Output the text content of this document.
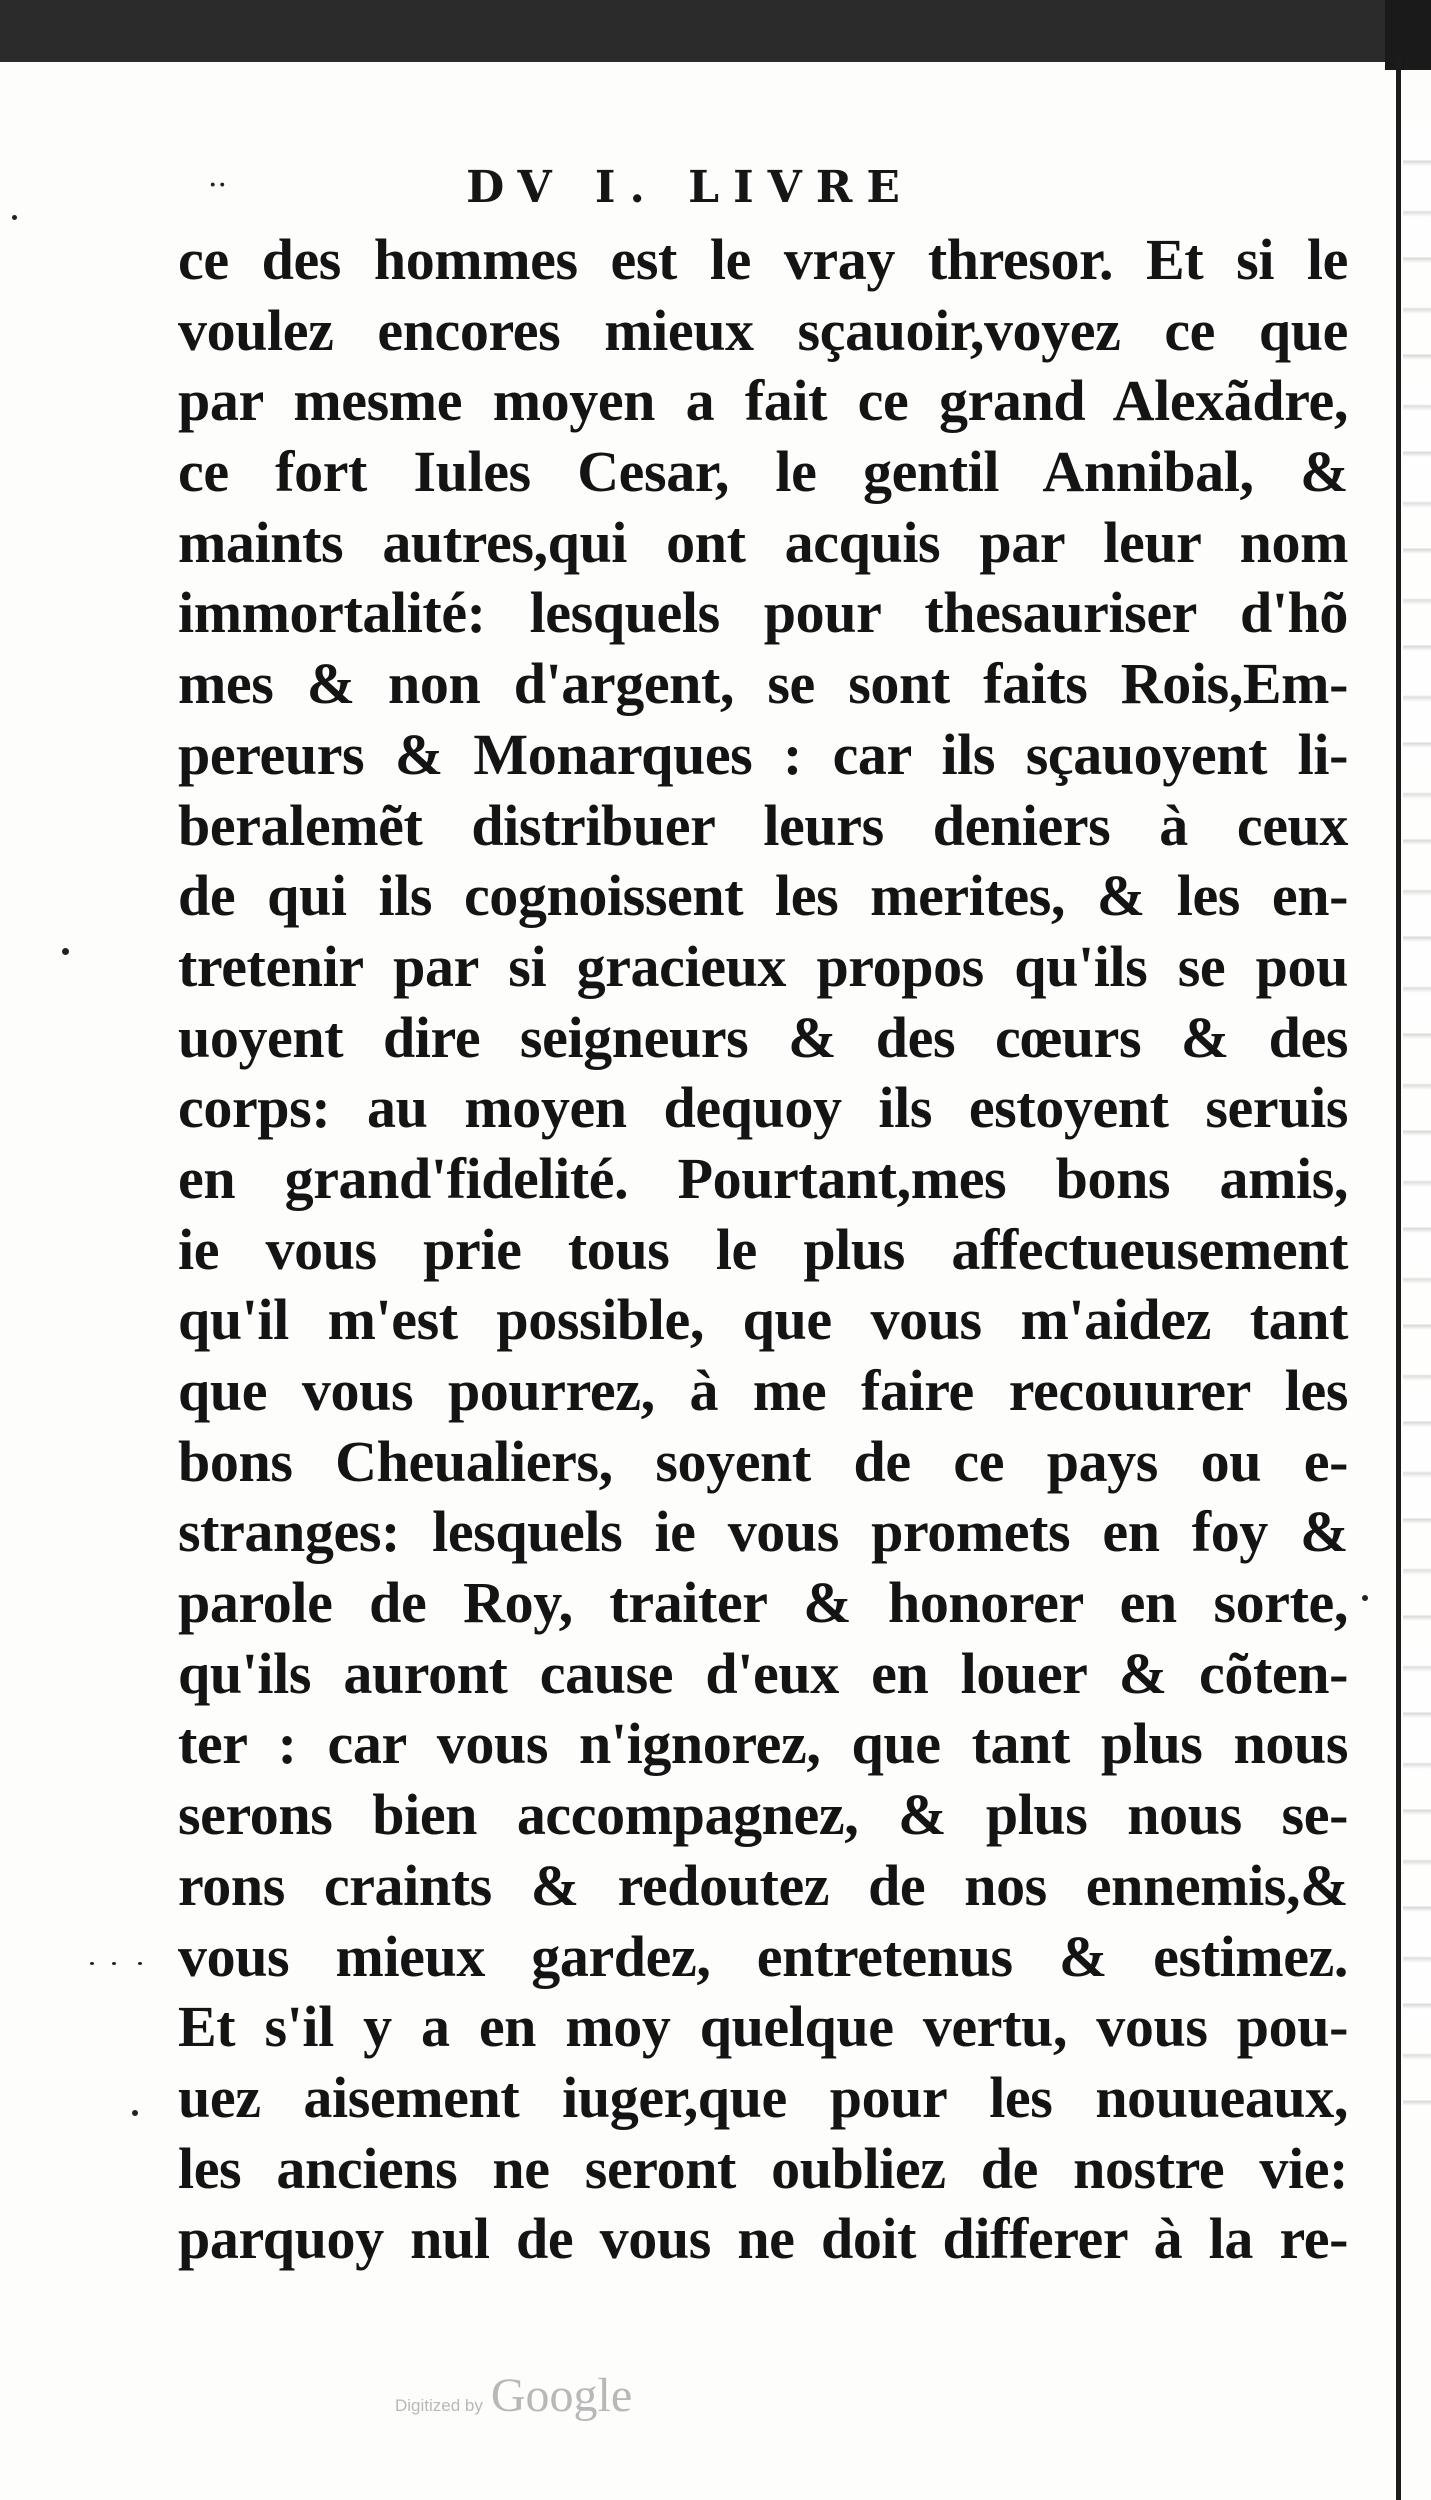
··	DV I. LIVRE
ce des hommes est le vray thresor. Et si le
voulez encores mieux sçauoir,voyez ce que
par mesme moyen a fait ce grand Alexãdre,
ce fort Iules Cesar, le gentil Annibal, &
maints autres,qui ont acquis par leur nom
immortalité: lesquels pour thesauriser d'hõ
mes & non d'argent, se sont faits Rois,Em-
pereurs & Monarques : car ils sçauoyent li-
beralemẽt distribuer leurs deniers à ceux
de qui ils cognoissent les merites, & les en-
tretenir par si gracieux propos qu'ils se pou
uoyent dire seigneurs & des cœurs & des
corps: au moyen dequoy ils estoyent seruis
en grand'fidelité. Pourtant,mes bons amis,
ie vous prie tous le plus affectueusement
qu'il m'est possible, que vous m'aidez tant
que vous pourrez, à me faire recouurer les
bons Cheualiers, soyent de ce pays ou e-
stranges: lesquels ie vous promets en foy &
parole de Roy, traiter & honorer en sorte,
qu'ils auront cause d'eux en louer & cõten-
ter : car vous n'ignorez, que tant plus nous
serons bien accompagnez, & plus nous se-
rons craints & redoutez de nos ennemis,&
vous mieux gardez, entretenus & estimez.
Et s'il y a en moy quelque vertu, vous pou-
uez aisement iuger,que pour les nouueaux,
les anciens ne seront oubliez de nostre vie:
parquoy nul de vous ne doit differer à la re-
Digitized by Google
